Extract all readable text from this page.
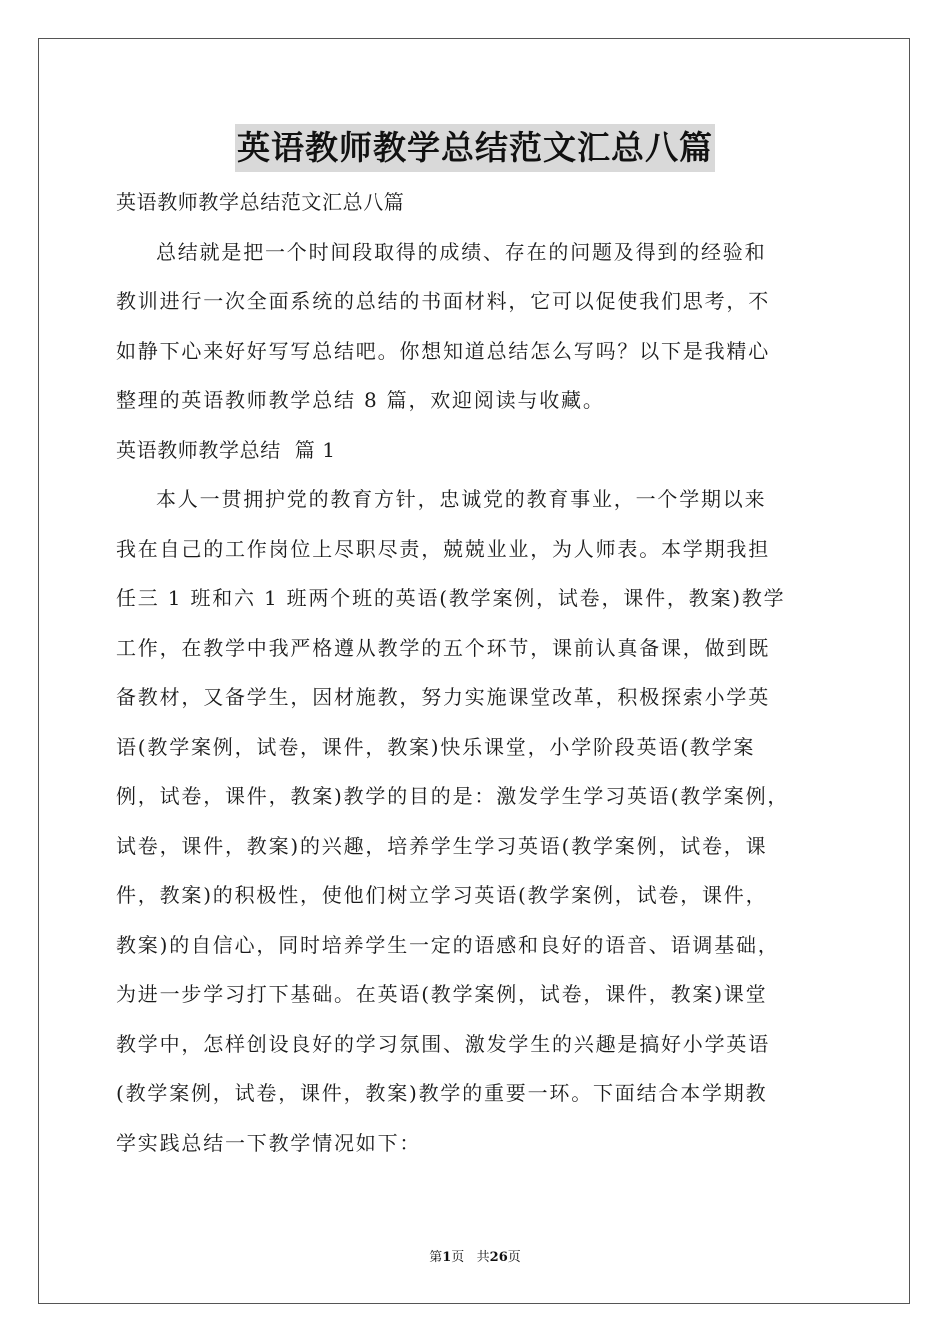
英语教师教学总结范文汇总八篇
英语教师教学总结范文汇总八篇
总结就是把一个时间段取得的成绩、存在的问题及得到的经验和
教训进行一次全面系统的总结的书面材料，它可以促使我们思考，不
如静下心来好好写写总结吧。你想知道总结怎么写吗？以下是我精心
整理的英语教师教学总结 8 篇，欢迎阅读与收藏。
英语教师教学总结  篇 1
本人一贯拥护党的教育方针，忠诚党的教育事业，一个学期以来
我在自己的工作岗位上尽职尽责，兢兢业业，为人师表。本学期我担
任三 1 班和六 1 班两个班的英语(教学案例，试卷，课件，教案)教学
工作，在教学中我严格遵从教学的五个环节，课前认真备课，做到既
备教材，又备学生，因材施教，努力实施课堂改革，积极探索小学英
语(教学案例，试卷，课件，教案)快乐课堂，小学阶段英语(教学案
例，试卷，课件，教案)教学的目的是：激发学生学习英语(教学案例，
试卷，课件，教案)的兴趣，培养学生学习英语(教学案例，试卷，课
件，教案)的积极性，使他们树立学习英语(教学案例，试卷，课件，
教案)的自信心，同时培养学生一定的语感和良好的语音、语调基础，
为进一步学习打下基础。在英语(教学案例，试卷，课件，教案)课堂
教学中，怎样创设良好的学习氛围、激发学生的兴趣是搞好小学英语
(教学案例，试卷，课件，教案)教学的重要一环。下面结合本学期教
学实践总结一下教学情况如下：
第1页   共26页
